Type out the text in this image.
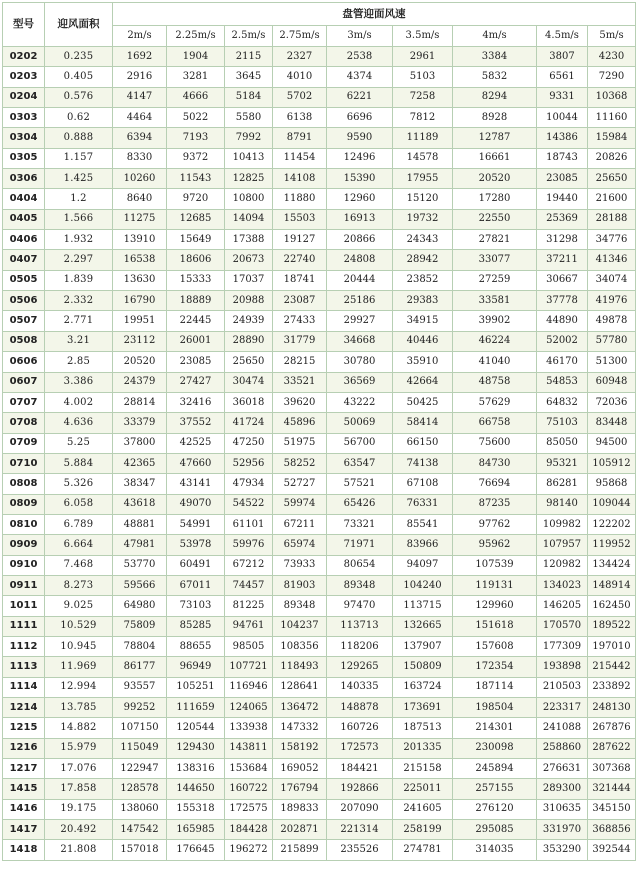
型号	迎风面积	盘管迎面风速								
		2m/s	2.25m/s	2.5m/s	2.75m/s	3m/s	3.5m/s	4m/s	4.5m/s	5m/s
0202	0.235	1692	1904	2115	2327	2538	2961	3384	3807	4230
0203	0.405	2916	3281	3645	4010	4374	5103	5832	6561	7290
0204	0.576	4147	4666	5184	5702	6221	7258	8294	9331	10368
0303	0.62	4464	5022	5580	6138	6696	7812	8928	10044	11160
0304	0.888	6394	7193	7992	8791	9590	11189	12787	14386	15984
0305	1.157	8330	9372	10413	11454	12496	14578	16661	18743	20826
0306	1.425	10260	11543	12825	14108	15390	17955	20520	23085	25650
0404	1.2	8640	9720	10800	11880	12960	15120	17280	19440	21600
0405	1.566	11275	12685	14094	15503	16913	19732	22550	25369	28188
0406	1.932	13910	15649	17388	19127	20866	24343	27821	31298	34776
0407	2.297	16538	18606	20673	22740	24808	28942	33077	37211	41346
0505	1.839	13630	15333	17037	18741	20444	23852	27259	30667	34074
0506	2.332	16790	18889	20988	23087	25186	29383	33581	37778	41976
0507	2.771	19951	22445	24939	27433	29927	34915	39902	44890	49878
0508	3.21	23112	26001	28890	31779	34668	40446	46224	52002	57780
0606	2.85	20520	23085	25650	28215	30780	35910	41040	46170	51300
0607	3.386	24379	27427	30474	33521	36569	42664	48758	54853	60948
0707	4.002	28814	32416	36018	39620	43222	50425	57629	64832	72036
0708	4.636	33379	37552	41724	45896	50069	58414	66758	75103	83448
0709	5.25	37800	42525	47250	51975	56700	66150	75600	85050	94500
0710	5.884	42365	47660	52956	58252	63547	74138	84730	95321	105912
0808	5.326	38347	43141	47934	52727	57521	67108	76694	86281	95868
0809	6.058	43618	49070	54522	59974	65426	76331	87235	98140	109044
0810	6.789	48881	54991	61101	67211	73321	85541	97762	109982	122202
0909	6.664	47981	53978	59976	65974	71971	83966	95962	107957	119952
0910	7.468	53770	60491	67212	73933	80654	94097	107539	120982	134424
0911	8.273	59566	67011	74457	81903	89348	104240	119131	134023	148914
1011	9.025	64980	73103	81225	89348	97470	113715	129960	146205	162450
1111	10.529	75809	85285	94761	104237	113713	132665	151618	170570	189522
1112	10.945	78804	88655	98505	108356	118206	137907	157608	177309	197010
1113	11.969	86177	96949	107721	118493	129265	150809	172354	193898	215442
1114	12.994	93557	105251	116946	128641	140335	163724	187114	210503	233892
1214	13.785	99252	111659	124065	136472	148878	173691	198504	223317	248130
1215	14.882	107150	120544	133938	147332	160726	187513	214301	241088	267876
1216	15.979	115049	129430	143811	158192	172573	201335	230098	258860	287622
1217	17.076	122947	138316	153684	169052	184421	215158	245894	276631	307368
1415	17.858	128578	144650	160722	176794	192866	225011	257155	289300	321444
1416	19.175	138060	155318	172575	189833	207090	241605	276120	310635	345150
1417	20.492	147542	165985	184428	202871	221314	258199	295085	331970	368856
1418	21.808	157018	176645	196272	215899	235526	274781	314035	353290	392544
